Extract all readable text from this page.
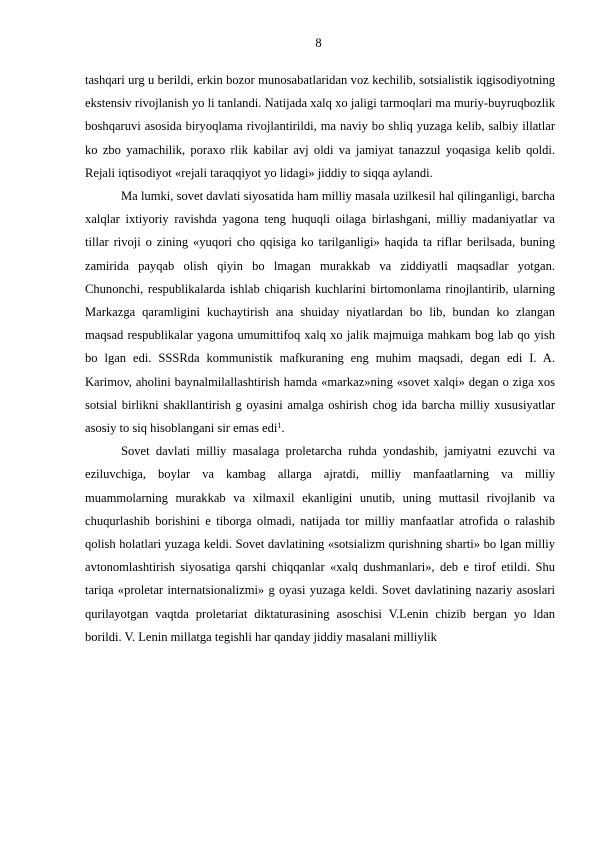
8

tashqari urg u berildi, erkin bozor munosabatlaridan voz kechilib, sotsialistik iqgisodiyotning ekstensiv rivojlanish yo li tanlandi. Natijada xalq xo jaligi tarmoqlari ma muriy-buyruqbozlik boshqaruvi asosida biryoqlama rivojlantirildi, ma naviy bo shliq yuzaga kelib, salbiy illatlar ko zbo yamachilik, poraxo rlik kabilar avj oldi va jamiyat tanazzul yoqasiga kelib qoldi. Rejali iqtisodiyot «rejali taraqqiyot yo lidagi» jiddiy to siqqa aylandi.

Ma lumki, sovet davlati siyosatida ham milliy masala uzilkesil hal qilinganligi, barcha xalqlar ixtiyoriy ravishda yagona teng huquqli oilaga birlashgani, milliy madaniyatlar va tillar rivoji o zining «yuqori cho qqisiga ko tarilganligi» haqida ta riflar berilsada, buning zamirida payqab olish qiyin bo lmagan murakkab va ziddiyatli maqsadlar yotgan. Chunonchi, respublikalarda ishlab chiqarish kuchlarini birtomonlama rinojlantirib, ularning Markazga qaramligini kuchaytirish ana shuiday niyatlardan bo lib, bundan ko zlangan maqsad respublikalar yagona umumittifoq xalq xo jalik majmuiga mahkam bog lab qo yish bo lgan edi. SSSRda kommunistik mafkuraning eng muhim maqsadi, degan edi I. A. Karimov, aholini baynalmilallashtirish hamda «markaz»ning «sovet xalqi» degan o ziga xos sotsial birlikni shakllantirish g oyasini amalga oshirish chog ida barcha milliy xususiyatlar asosiy to siq hisoblangani sir emas edi$^1$.

Sovet davlati milliy masalaga proletarcha ruhda yondashib, jamiyatni ezuvchi va eziluvchiga, boylar va kambag allarga ajratdi, milliy manfaatlarning va milliy muammolarning murakkab va xilmaxil ekanligini unutib, uning muttasil rivojlanib va chuqurlashib borishini e tiborga olmadi, natijada tor milliy manfaatlar atrofida o ralashib qolish holatlari yuzaga keldi. Sovet davlatining «sotsializm qurishning sharti» bo lgan milliy avtonomlashtirish siyosatiga qarshi chiqqanlar «xalq dushmanlari», deb e tirof etildi. Shu tariqa «proletar internatsionalizmi» g oyasi yuzaga keldi. Sovet davlatining nazariy asoslari qurilayotgan vaqtda proletariat diktaturasining asoschisi V.Lenin chizib bergan yo ldan borildi. V. Lenin millatga tegishli har qanday jiddiy masalani milliylik
